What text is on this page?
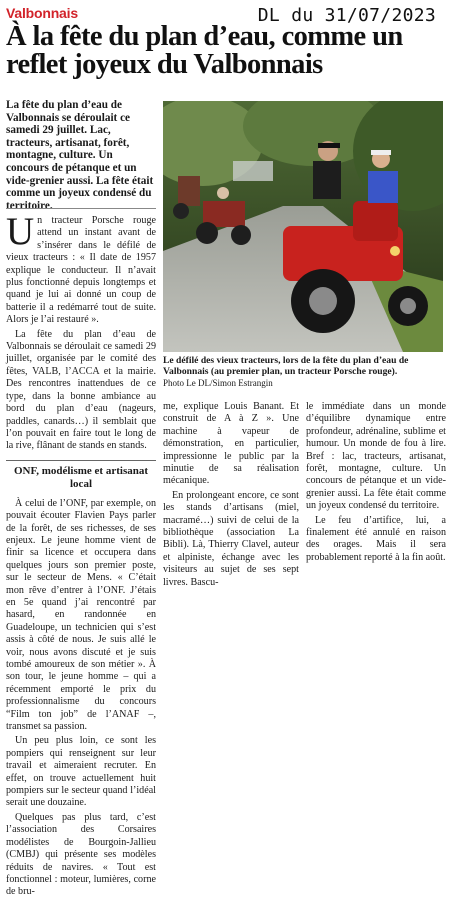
Valbonnais	DL du 31/07/2023
À la fête du plan d’eau, comme un reflet joyeux du Valbonnais
La fête du plan d’eau de Valbonnais se déroulait ce samedi 29 juillet. Lac, tracteurs, artisanat, forêt, montagne, culture. Un concours de pétanque et un vide-grenier aussi. La fête était comme un joyeux condensé du territoire.
Le défilé des vieux tracteurs, lors de la fête du plan d’eau de Valbonnais (au premier plan, un tracteur Porsche rouge).
Photo Le DL/Simon Estrangin

Un tracteur Porsche rouge attend un instant avant de s’insérer dans le défilé de vieux tracteurs : « Il date de 1957 explique le conducteur. Il n’avait plus fonctionné depuis longtemps et quand je lui ai donné un coup de batterie il a redémarré tout de suite. Alors je l’ai restauré ».

La fête du plan d’eau de Valbonnais se déroulait ce samedi 29 juillet, organisée par le comité des fêtes, VALB, l’ACCA et la mairie. Des rencontres inattendues de ce type, dans la bonne ambiance au bord du plan d’eau (nageurs, paddles, canards…) il semblait que l’on pouvait en faire tout le long de la rive, flânant de stands en stands.

ONF, modélisme et artisanat local

À celui de l’ONF, par exemple, on pouvait écouter Flavien Pays parler de la forêt, de ses richesses, de ses enjeux. Le jeune homme vient de finir sa licence et occupera dans quelques jours son premier poste, sur le secteur de Mens. « C’était mon rêve d’entrer à l’ONF. J’étais en 5e quand j’ai rencontré par hasard, en randonnée en Guadeloupe, un technicien qui s’est assis à côté de nous. Je suis allé le voir, nous avons discuté et je suis tombé amoureux de son métier ». À son tour, le jeune homme – qui a récemment emporté le prix du professionnalisme du concours “Film ton job” de l’ANAF –, transmet sa passion.

Un peu plus loin, ce sont les pompiers qui renseignent sur leur travail et aimeraient recruter. En effet, on trouve actuellement huit pompiers sur le secteur quand l’idéal serait une douzaine.

Quelques pas plus tard, c’est l’association des Corsaires modélistes de Bourgoin-Jallieu (CMBJ) qui présente ses modèles réduits de navires. « Tout est fonctionnel : moteur, lumières, corne de bru-

me, explique Louis Banant. Et construit de A à Z ». Une machine à vapeur de démonstration, en particulier, impressionne le public par la minutie de sa réalisation mécanique.

En prolongeant encore, ce sont les stands d’artisans (miel, macramé…) suivi de celui de la bibliothèque (association La Bibli). Là, Thierry Clavel, auteur et alpiniste, échange avec les visiteurs au sujet de ses sept livres. Bascu-

le immédiate dans un monde d’équilibre dynamique entre profondeur, adrénaline, sublime et humour. Un monde de fou à lire. Bref : lac, tracteurs, artisanat, forêt, montagne, culture. Un concours de pétanque et un vide-grenier aussi. La fête était comme un joyeux condensé du territoire.

Le feu d’artifice, lui, a finalement été annulé en raison des orages. Mais il sera probablement reporté à la fin août.
